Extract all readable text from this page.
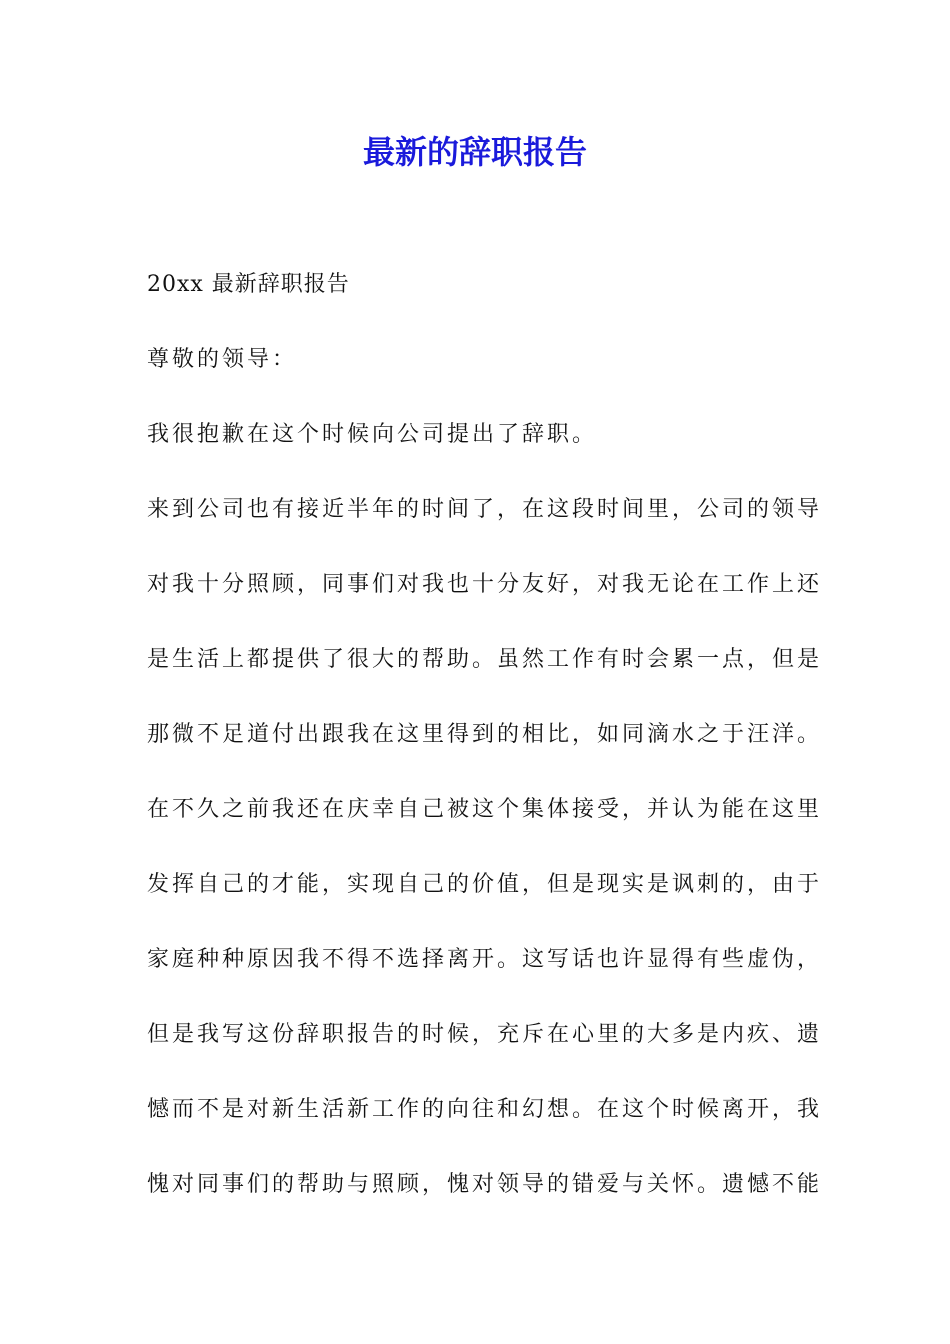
最新的辞职报告
20xx 最新辞职报告
尊敬的领导：
我很抱歉在这个时候向公司提出了辞职。
来到公司也有接近半年的时间了，在这段时间里，公司的领导
对我十分照顾，同事们对我也十分友好，对我无论在工作上还
是生活上都提供了很大的帮助。虽然工作有时会累一点，但是
那微不足道付出跟我在这里得到的相比，如同滴水之于汪洋。
在不久之前我还在庆幸自己被这个集体接受，并认为能在这里
发挥自己的才能，实现自己的价值，但是现实是讽刺的，由于
家庭种种原因我不得不选择离开。这写话也许显得有些虚伪，
但是我写这份辞职报告的时候，充斥在心里的大多是内疚、遗
憾而不是对新生活新工作的向往和幻想。在这个时候离开，我
愧对同事们的帮助与照顾，愧对领导的错爱与关怀。遗憾不能
